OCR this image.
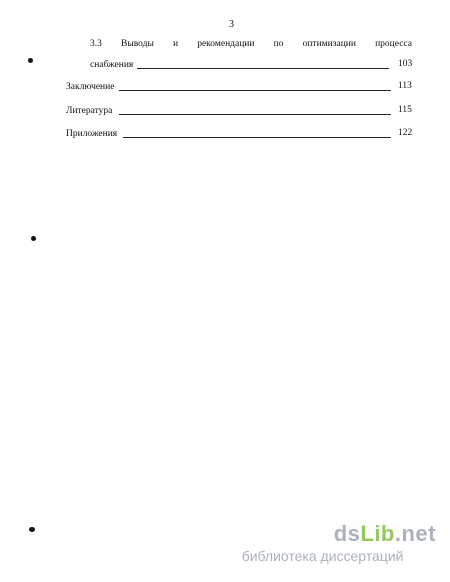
3
3.3 Выводы и рекомендации по оптимизации процесса
снабжения	103
Заключение	113
Литература	115
Приложения	122
dsLib.net
библиотека диссертаций
